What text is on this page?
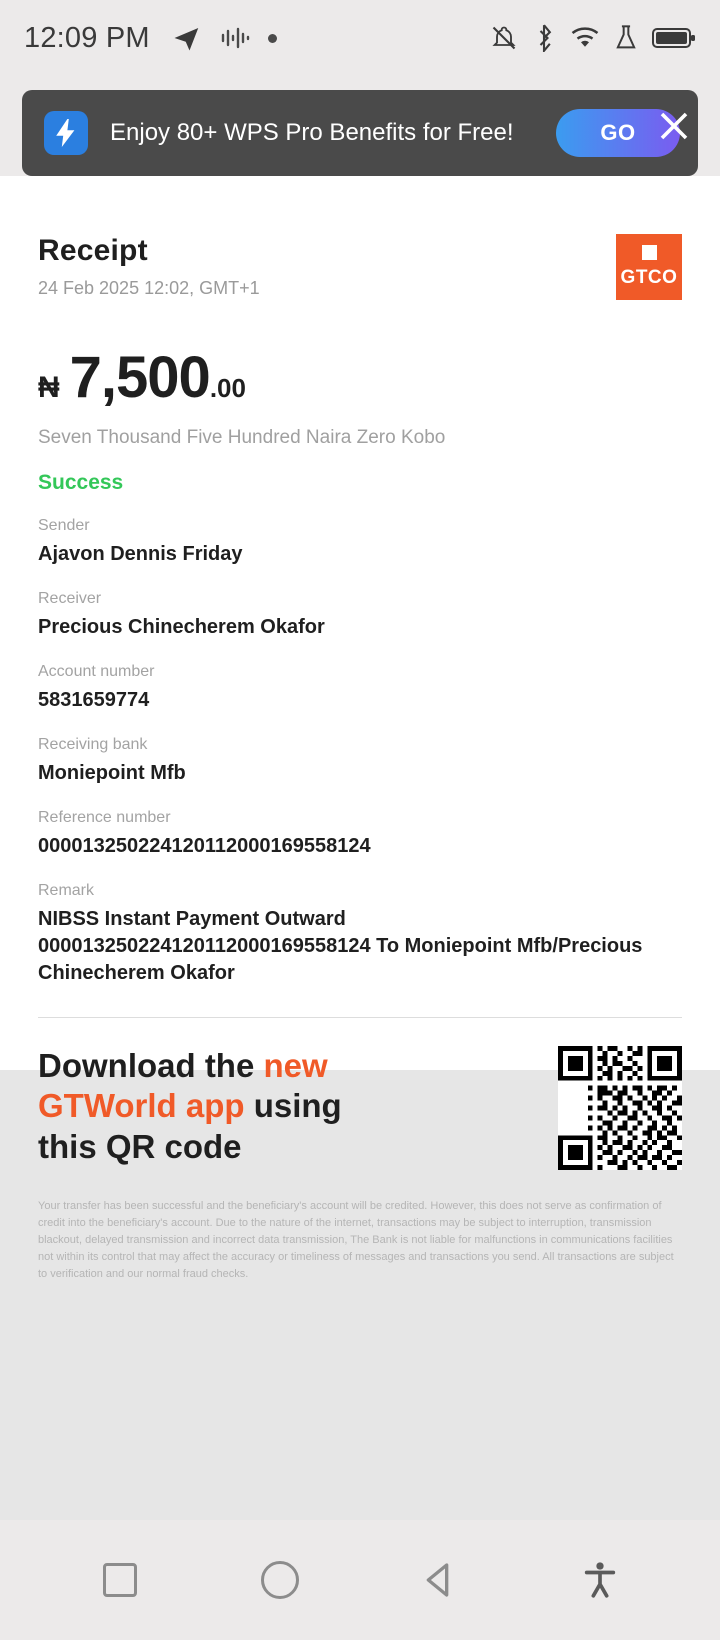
12:09 PM
Enjoy 80+ WPS Pro Benefits for Free!	GO
Receipt
24 Feb 2025 12:02, GMT+1	GTCO
₦ 7,500 .00
Seven Thousand Five Hundred Naira Zero Kobo
Success
Sender
Ajavon Dennis Friday
Receiver
Precious Chinecherem Okafor
Account number
5831659774
Receiving bank
Moniepoint Mfb
Reference number
000013250224120112000169558124
Remark
NIBSS Instant Payment Outward 000013250224120112000169558124 To Moniepoint Mfb/Precious Chinecherem Okafor
Download the new
GTWorld app using
this QR code
Your transfer has been successful and the beneficiary's account will be credited. However, this does not serve as confirmation of credit into the beneficiary's account. Due to the nature of the internet, transactions may be subject to interruption, transmission blackout, delayed transmission and incorrect data transmission, The Bank is not liable for malfunctions in communications facilities not within its control that may affect the accuracy or timeliness of messages and transactions you send. All transactions are subject to verification and our normal fraud checks.
